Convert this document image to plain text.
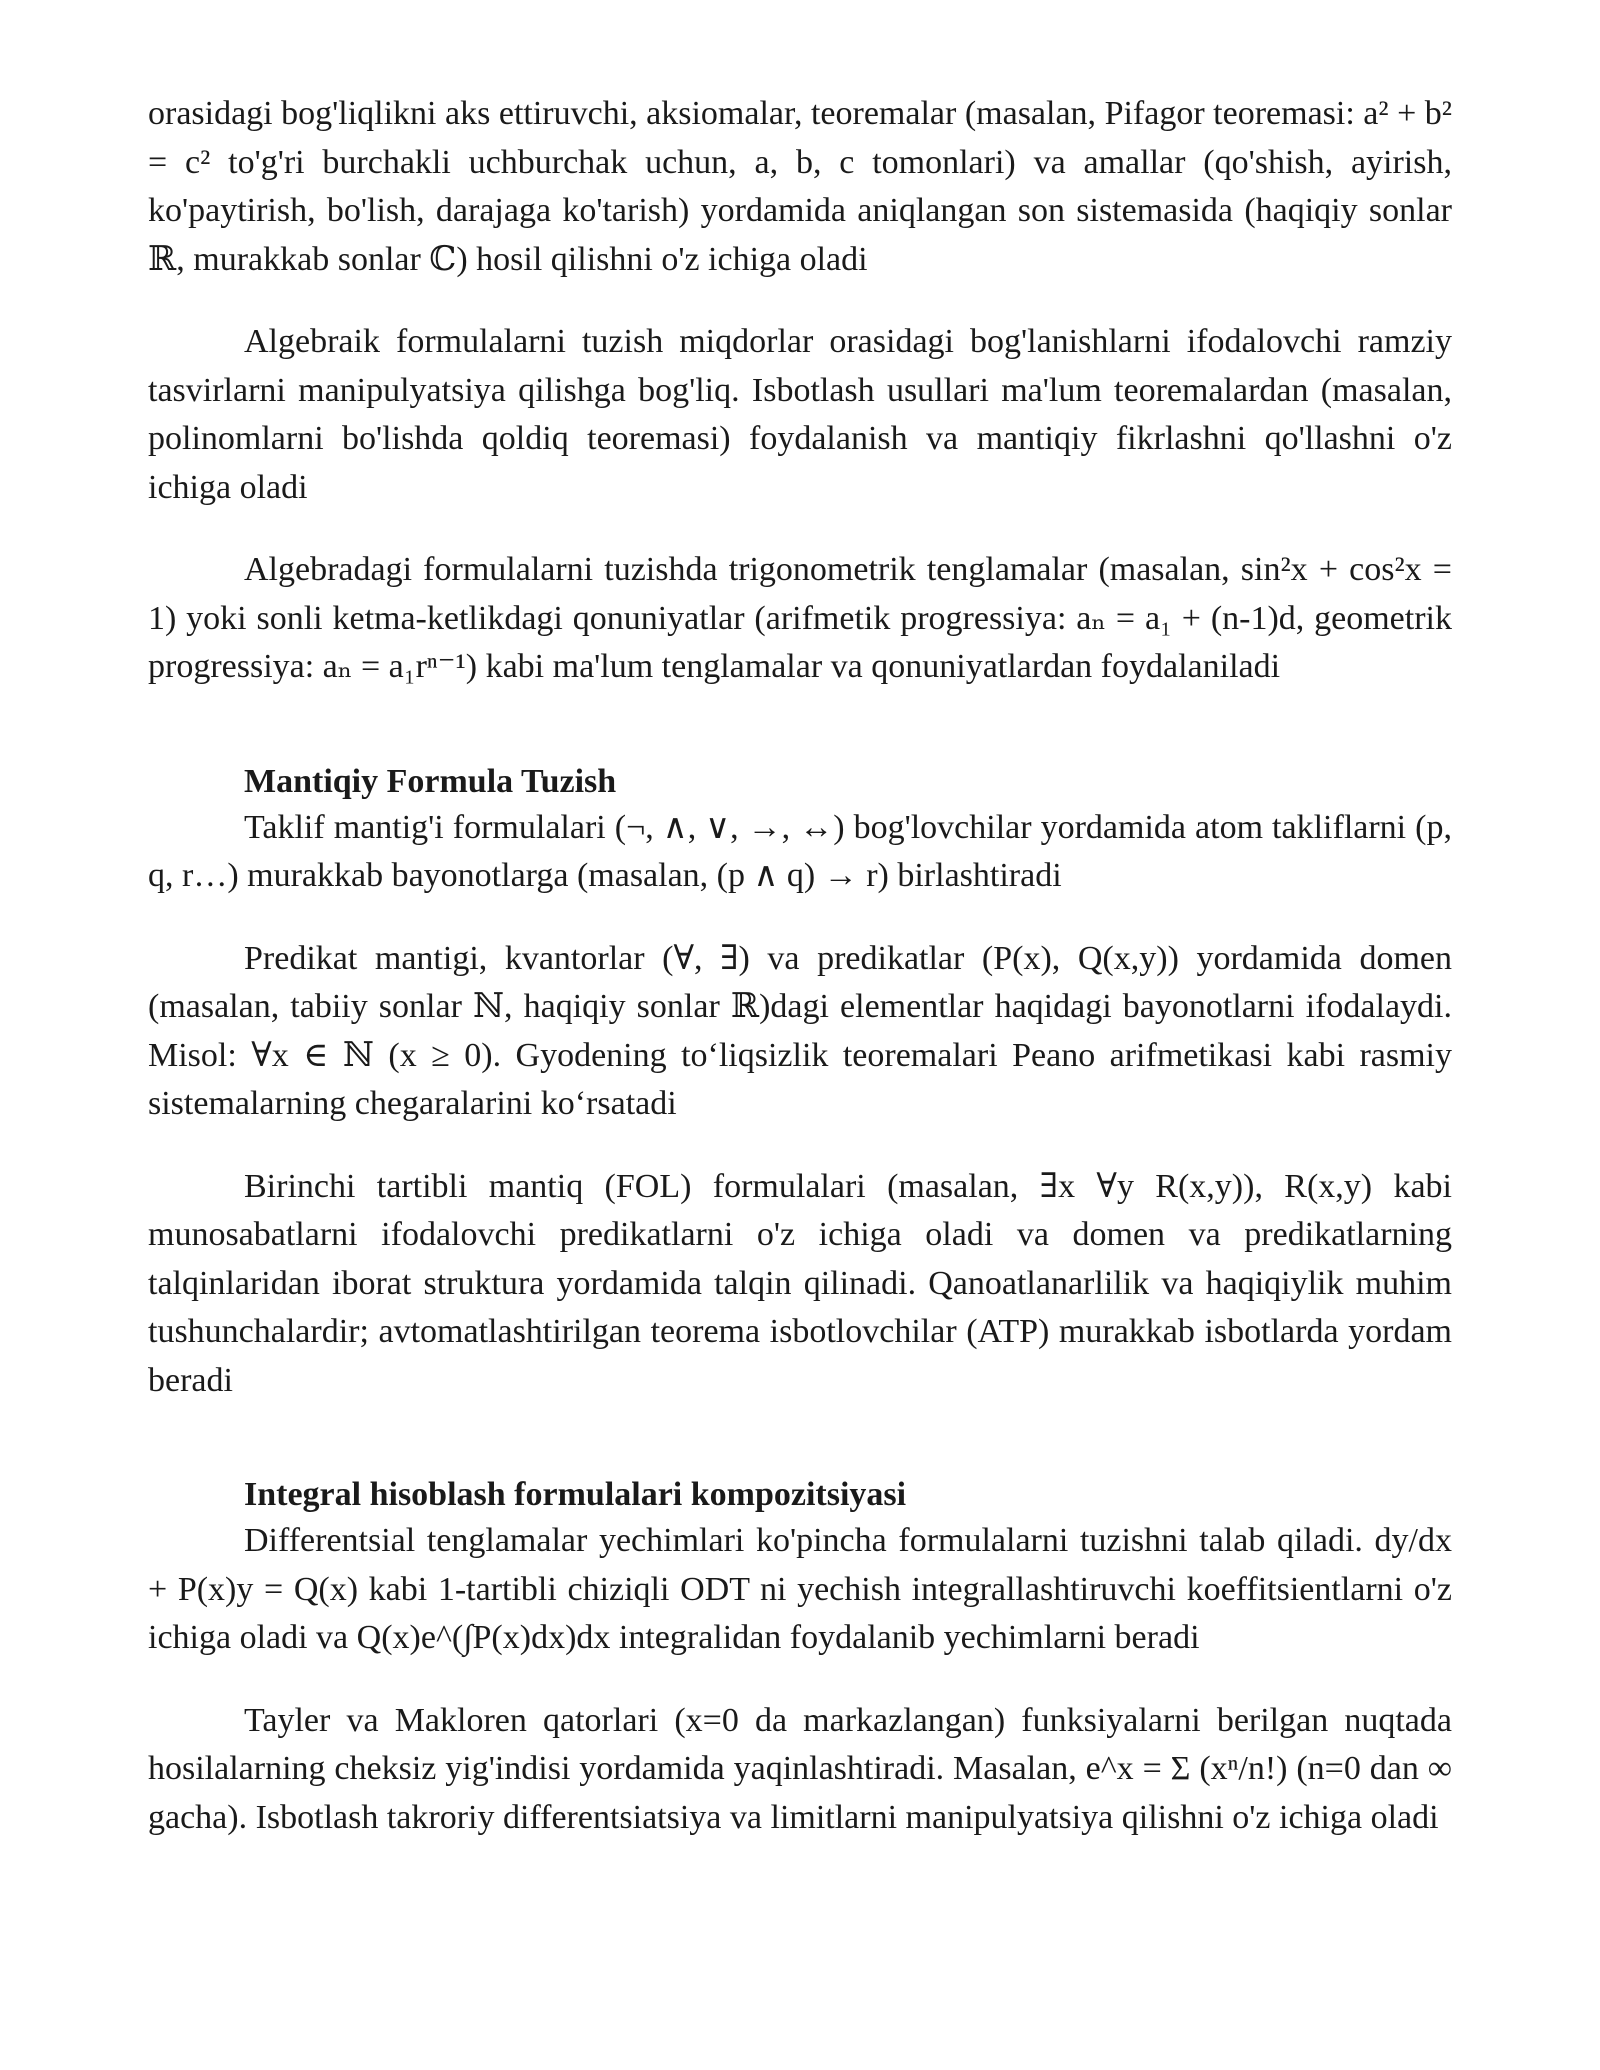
orasidagi bog'liqlikni aks ettiruvchi, aksiomalar, teoremalar (masalan, Pifagor teoremasi: a² + b² = c² to'g'ri burchakli uchburchak uchun, a, b, c tomonlari) va amallar (qo'shish, ayirish, ko'paytirish, bo'lish, darajaga ko'tarish) yordamida aniqlangan son sistemasida (haqiqiy sonlar ℝ, murakkab sonlar ℂ) hosil qilishni o'z ichiga oladi

Algebraik formulalarni tuzish miqdorlar orasidagi bog'lanishlarni ifodalovchi ramziy tasvirlarni manipulyatsiya qilishga bog'liq. Isbotlash usullari ma'lum teoremalardan (masalan, polinomlarni bo'lishda qoldiq teoremasi) foydalanish va mantiqiy fikrlashni qo'llashni o'z ichiga oladi

Algebradagi formulalarni tuzishda trigonometrik tenglamalar (masalan, sin²x + cos²x = 1) yoki sonli ketma-ketlikdagi qonuniyatlar (arifmetik progressiya: aₙ = a₁ + (n-1)d, geometrik progressiya: aₙ = a₁rⁿ⁻¹) kabi ma'lum tenglamalar va qonuniyatlardan foydalaniladi

Mantiqiy Formula Tuzish

Taklif mantig'i formulalari (¬, ∧, ∨, →, ↔) bog'lovchilar yordamida atom takliflarni (p, q, r…) murakkab bayonotlarga (masalan, (p ∧ q) → r) birlashtiradi

Predikat mantigi, kvantorlar (∀, ∃) va predikatlar (P(x), Q(x,y)) yordamida domen (masalan, tabiiy sonlar ℕ, haqiqiy sonlar ℝ)dagi elementlar haqidagi bayonotlarni ifodalaydi. Misol: ∀x ∈ ℕ (x ≥ 0). Gyodening to‘liqsizlik teoremalari Peano arifmetikasi kabi rasmiy sistemalarning chegaralarini ko‘rsatadi

Birinchi tartibli mantiq (FOL) formulalari (masalan, ∃x ∀y R(x,y)), R(x,y) kabi munosabatlarni ifodalovchi predikatlarni o'z ichiga oladi va domen va predikatlarning talqinlaridan iborat struktura yordamida talqin qilinadi. Qanoatlanarlilik va haqiqiylik muhim tushunchalardir; avtomatlashtirilgan teorema isbotlovchilar (ATP) murakkab isbotlarda yordam beradi

Integral hisoblash formulalari kompozitsiyasi

Differentsial tenglamalar yechimlari ko'pincha formulalarni tuzishni talab qiladi. dy/dx + P(x)y = Q(x) kabi 1-tartibli chiziqli ODT ni yechish integrallashtiruvchi koeffitsientlarni o'z ichiga oladi va Q(x)e^(∫P(x)dx)dx integralidan foydalanib yechimlarni beradi

Tayler va Makloren qatorlari (x=0 da markazlangan) funksiyalarni berilgan nuqtada hosilalarning cheksiz yig'indisi yordamida yaqinlashtiradi. Masalan, e^x = Σ (xⁿ/n!) (n=0 dan ∞ gacha). Isbotlash takroriy differentsiatsiya va limitlarni manipulyatsiya qilishni o'z ichiga oladi
